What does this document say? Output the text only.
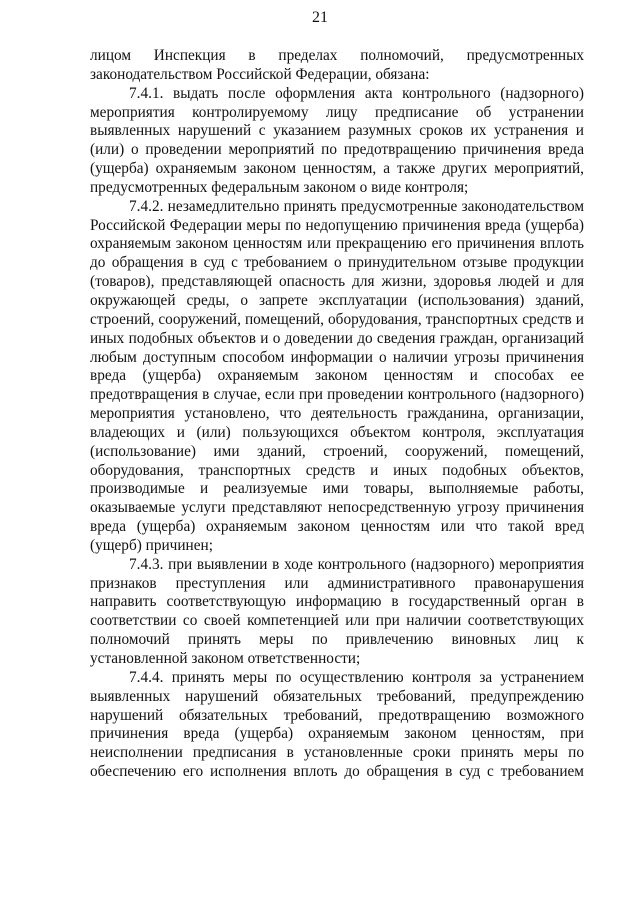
21

лицом Инспекция в пределах полномочий, предусмотренных законодательством Российской Федерации, обязана:

7.4.1. выдать после оформления акта контрольного (надзорного) мероприятия контролируемому лицу предписание об устранении выявленных нарушений с указанием разумных сроков их устранения и (или) о проведении мероприятий по предотвращению причинения вреда (ущерба) охраняемым законом ценностям, а также других мероприятий, предусмотренных федеральным законом о виде контроля;

7.4.2. незамедлительно принять предусмотренные законодательством Российской Федерации меры по недопущению причинения вреда (ущерба) охраняемым законом ценностям или прекращению его причинения вплоть до обращения в суд с требованием о принудительном отзыве продукции (товаров), представляющей опасность для жизни, здоровья людей и для окружающей среды, о запрете эксплуатации (использования) зданий, строений, сооружений, помещений, оборудования, транспортных средств и иных подобных объектов и о доведении до сведения граждан, организаций любым доступным способом информации о наличии угрозы причинения вреда (ущерба) охраняемым законом ценностям и способах ее предотвращения в случае, если при проведении контрольного (надзорного) мероприятия установлено, что деятельность гражданина, организации, владеющих и (или) пользующихся объектом контроля, эксплуатация (использование) ими зданий, строений, сооружений, помещений, оборудования, транспортных средств и иных подобных объектов, производимые и реализуемые ими товары, выполняемые работы, оказываемые услуги представляют непосредственную угрозу причинения вреда (ущерба) охраняемым законом ценностям или что такой вред (ущерб) причинен;

7.4.3. при выявлении в ходе контрольного (надзорного) мероприятия признаков преступления или административного правонарушения направить соответствующую информацию в государственный орган в соответствии со своей компетенцией или при наличии соответствующих полномочий принять меры по привлечению виновных лиц к установленной законом ответственности;

7.4.4. принять меры по осуществлению контроля за устранением выявленных нарушений обязательных требований, предупреждению нарушений обязательных требований, предотвращению возможного причинения вреда (ущерба) охраняемым законом ценностям, при неисполнении предписания в установленные сроки принять меры по обеспечению его исполнения вплоть до обращения в суд с требованием
